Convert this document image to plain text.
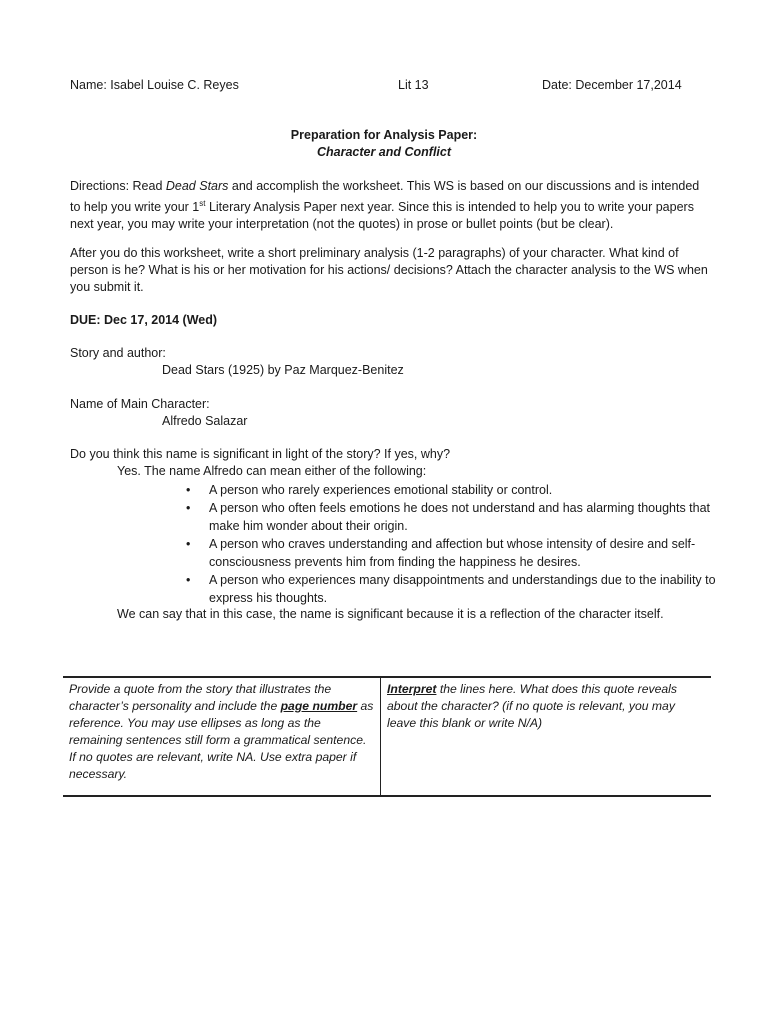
Name: Isabel Louise C. Reyes	Lit 13	Date: December 17,2014
Preparation for Analysis Paper:
Character and Conflict
Directions: Read Dead Stars and accomplish the worksheet. This WS is based on our discussions and is intended to help you write your 1st Literary Analysis Paper next year. Since this is intended to help you to write your papers next year, you may write your interpretation (not the quotes) in prose or bullet points (but be clear).
After you do this worksheet, write a short preliminary analysis (1-2 paragraphs) of your character. What kind of person is he? What is his or her motivation for his actions/ decisions? Attach the character analysis to the WS when you submit it.
DUE: Dec 17, 2014 (Wed)
Story and author:
Dead Stars (1925) by Paz Marquez-Benitez
Name of Main Character:
Alfredo Salazar
Do you think this name is significant in light of the story? If yes, why?
Yes. The name Alfredo can mean either of the following:
• A person who rarely experiences emotional stability or control.
• A person who often feels emotions he does not understand and has alarming thoughts that make him wonder about their origin.
• A person who craves understanding and affection but whose intensity of desire and self-consciousness prevents him from finding the happiness he desires.
• A person who experiences many disappointments and understandings due to the inability to express his thoughts.
We can say that in this case, the name is significant because it is a reflection of the character itself.
Provide a quote from the story that illustrates the character’s personality and include the page number as reference. You may use ellipses as long as the remaining sentences still form a grammatical sentence. If no quotes are relevant, write NA. Use extra paper if necessary.	Interpret the lines here. What does this quote reveals about the character? (if no quote is relevant, you may leave this blank or write N/A)
